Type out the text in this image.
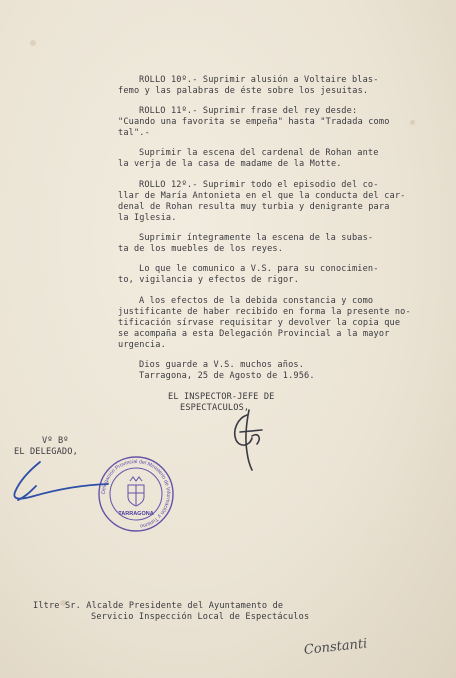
ROLLO 10º.- Suprimir alusión a Voltaire blas-
femo y las palabras de éste sobre los jesuitas.
ROLLO 11º.- Suprimir frase del rey desde:
"Cuando una favorita se empeña" hasta "Tradada como
tal".-
Suprimir la escena del cardenal de Rohan ante
la verja de la casa de madame de la Motte.
ROLLO 12º.- Suprimir todo el episodio del co-
llar de María Antonieta en el que la conducta del car-
denal de Rohan resulta muy turbia y denigrante para
la Iglesia.
Suprimir íntegramente la escena de la subas-
ta de los muebles de los reyes.
Lo que le comunico a V.S. para su conocimien-
to, vigilancia y efectos de rigor.
A los efectos de la debida constancia y como
justificante de haber recibido en forma la presente no-
tificación sírvase requisitar y devolver la copia que
se acompaña a esta Delegación Provincial a la mayor
urgencia.
Dios guarde a V.S. muchos años.
Tarragona, 25 de Agosto de 1.956.
EL INSPECTOR-JEFE DE
ESPECTACULOS,
Vº Bº
EL DELEGADO,
Iltre Sr. Alcalde Presidente del Ayuntamento de
Servicio Inspección Local de Espectáculos
Constanti
Delegación Provincial del Ministerio de Información y Turismo
TARRAGONA
